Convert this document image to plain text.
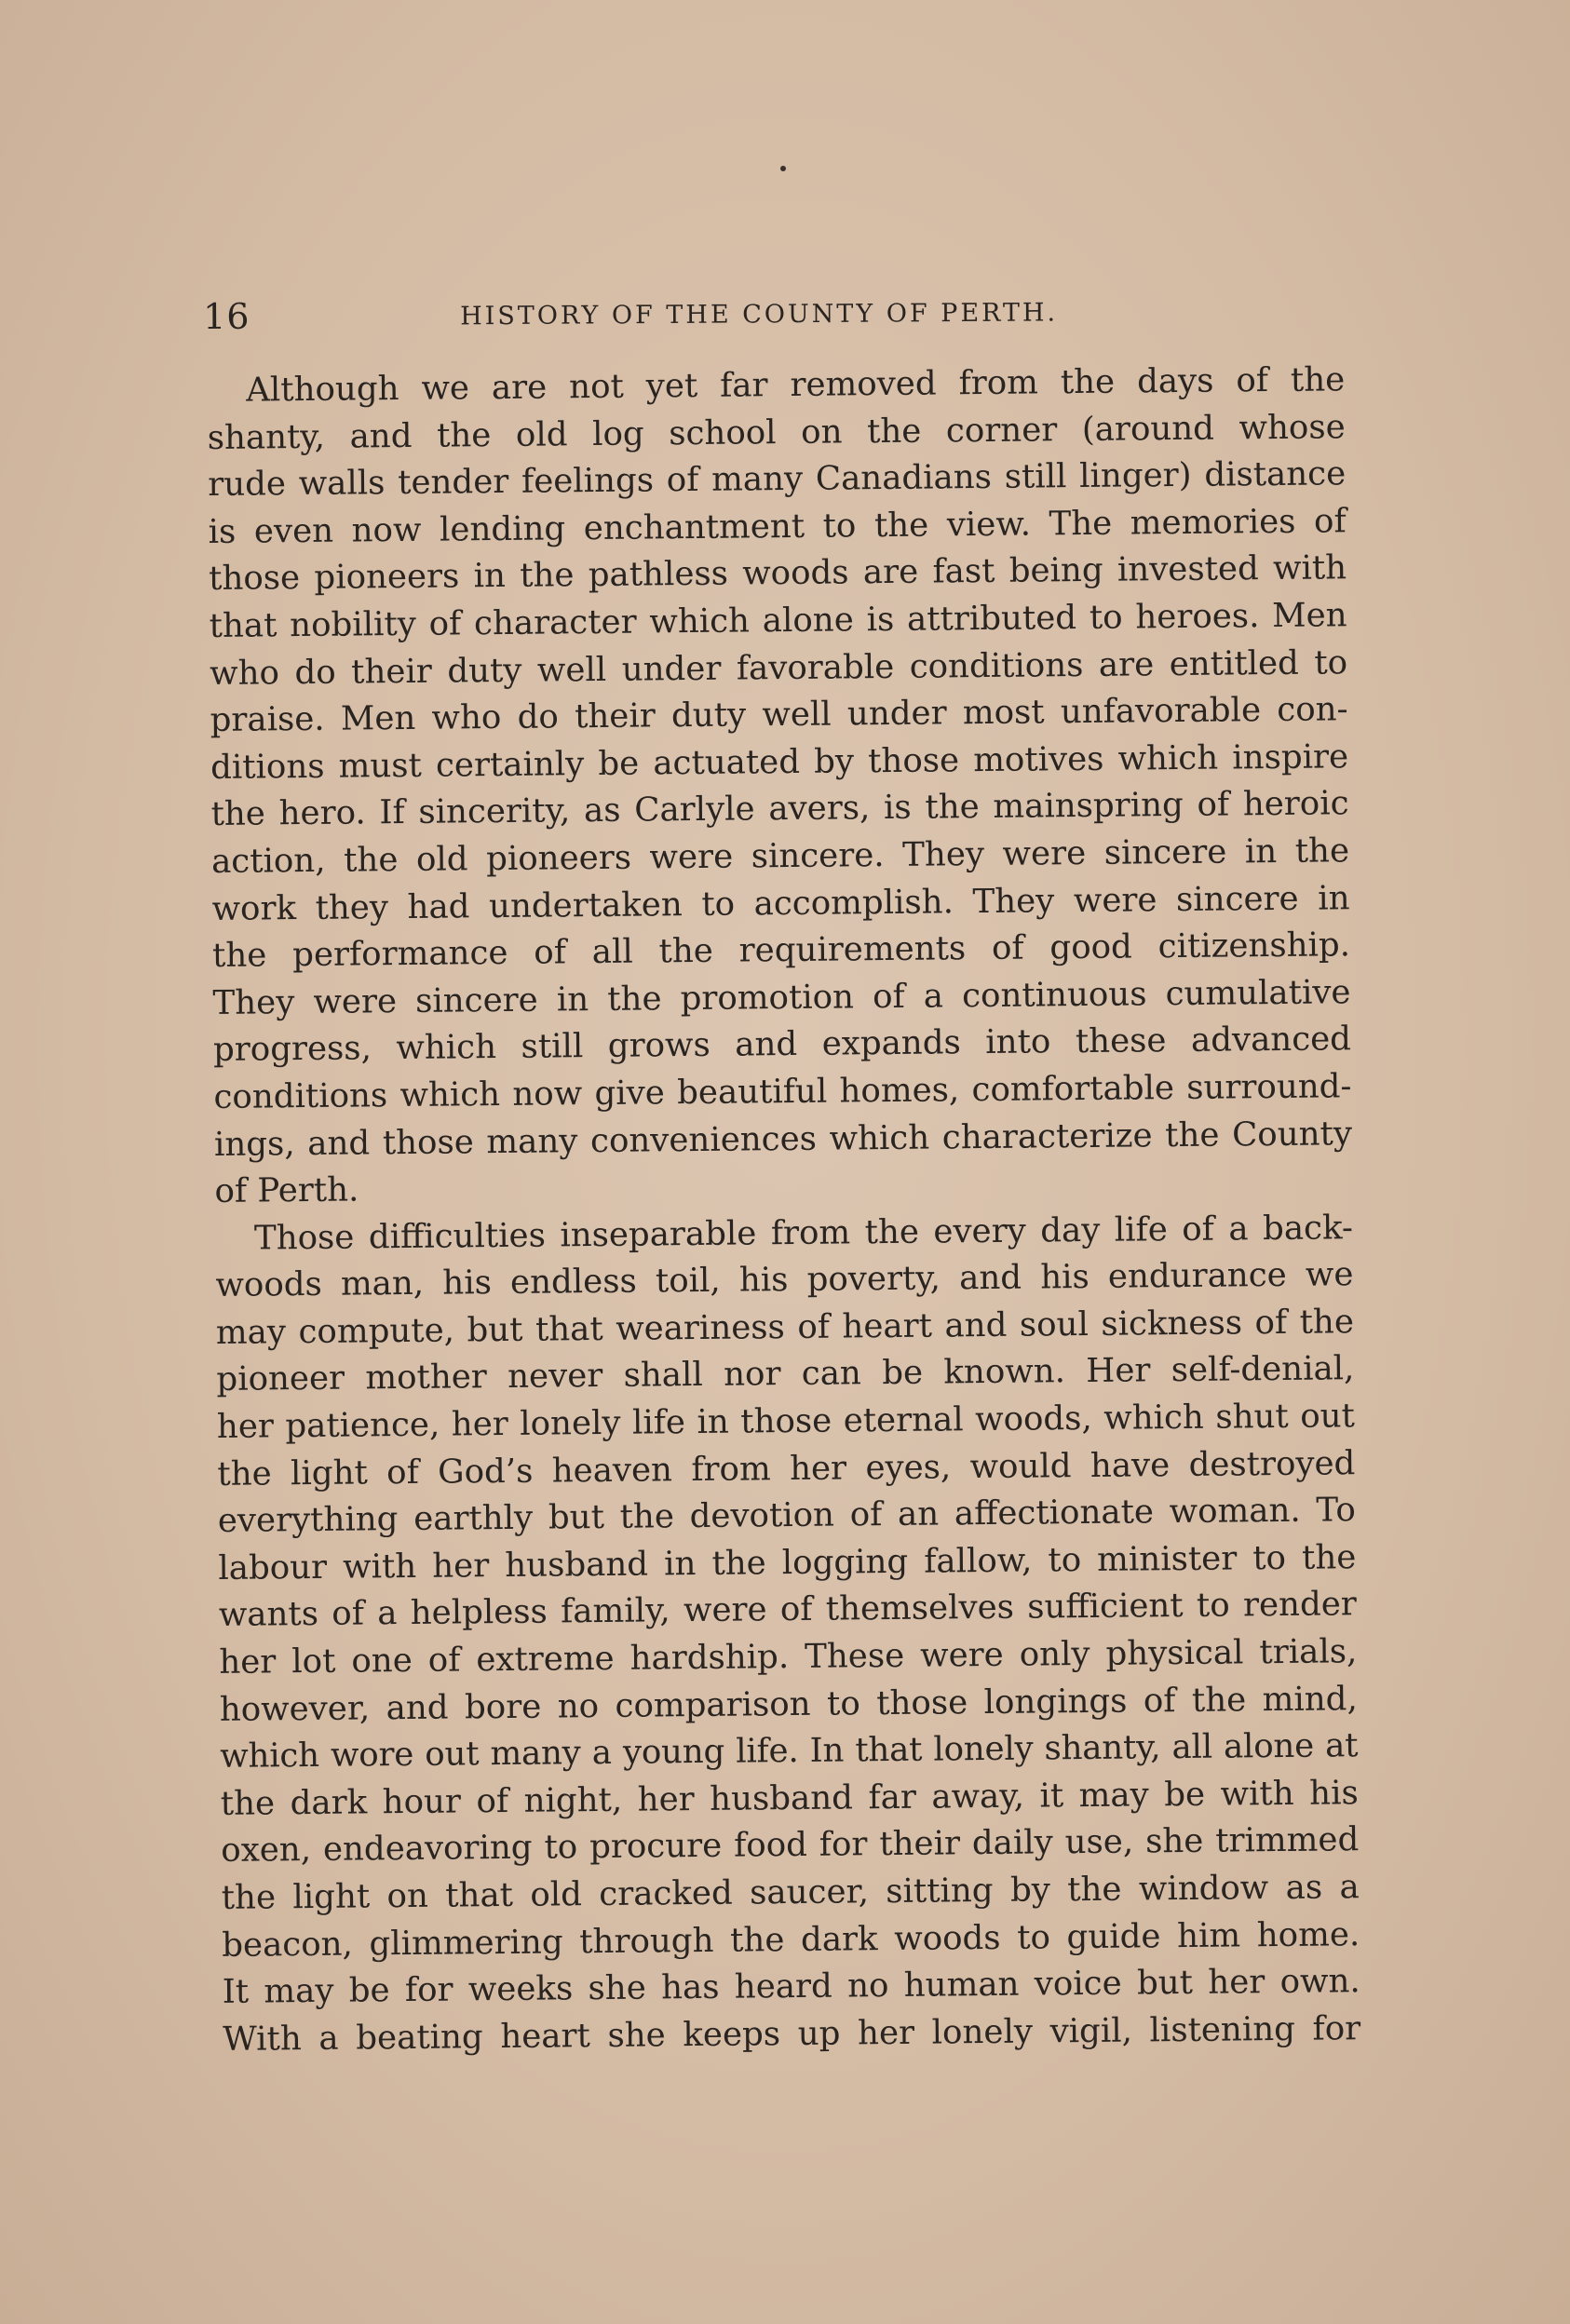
16	HISTORY OF THE COUNTY OF PERTH.
Although we are not yet far removed from the days of the
shanty, and the old log school on the corner (around whose
rude walls tender feelings of many Canadians still linger) distance
is even now lending enchantment to the view. The memories of
those pioneers in the pathless woods are fast being invested with
that nobility of character which alone is attributed to heroes. Men
who do their duty well under favorable conditions are entitled to
praise. Men who do their duty well under most unfavorable con-
ditions must certainly be actuated by those motives which inspire
the hero. If sincerity, as Carlyle avers, is the mainspring of heroic
action, the old pioneers were sincere. They were sincere in the
work they had undertaken to accomplish. They were sincere in
the performance of all the requirements of good citizenship.
They were sincere in the promotion of a continuous cumulative
progress, which still grows and expands into these advanced
conditions which now give beautiful homes, comfortable surround-
ings, and those many conveniences which characterize the County
of Perth.
Those difficulties inseparable from the every day life of a back-
woods man, his endless toil, his poverty, and his endurance we
may compute, but that weariness of heart and soul sickness of the
pioneer mother never shall nor can be known. Her self-denial,
her patience, her lonely life in those eternal woods, which shut out
the light of God’s heaven from her eyes, would have destroyed
everything earthly but the devotion of an affectionate woman. To
labour with her husband in the logging fallow, to minister to the
wants of a helpless family, were of themselves sufficient to render
her lot one of extreme hardship. These were only physical trials,
however, and bore no comparison to those longings of the mind,
which wore out many a young life. In that lonely shanty, all alone at
the dark hour of night, her husband far away, it may be with his
oxen, endeavoring to procure food for their daily use, she trimmed
the light on that old cracked saucer, sitting by the window as a
beacon, glimmering through the dark woods to guide him home.
It may be for weeks she has heard no human voice but her own.
With a beating heart she keeps up her lonely vigil, listening for
